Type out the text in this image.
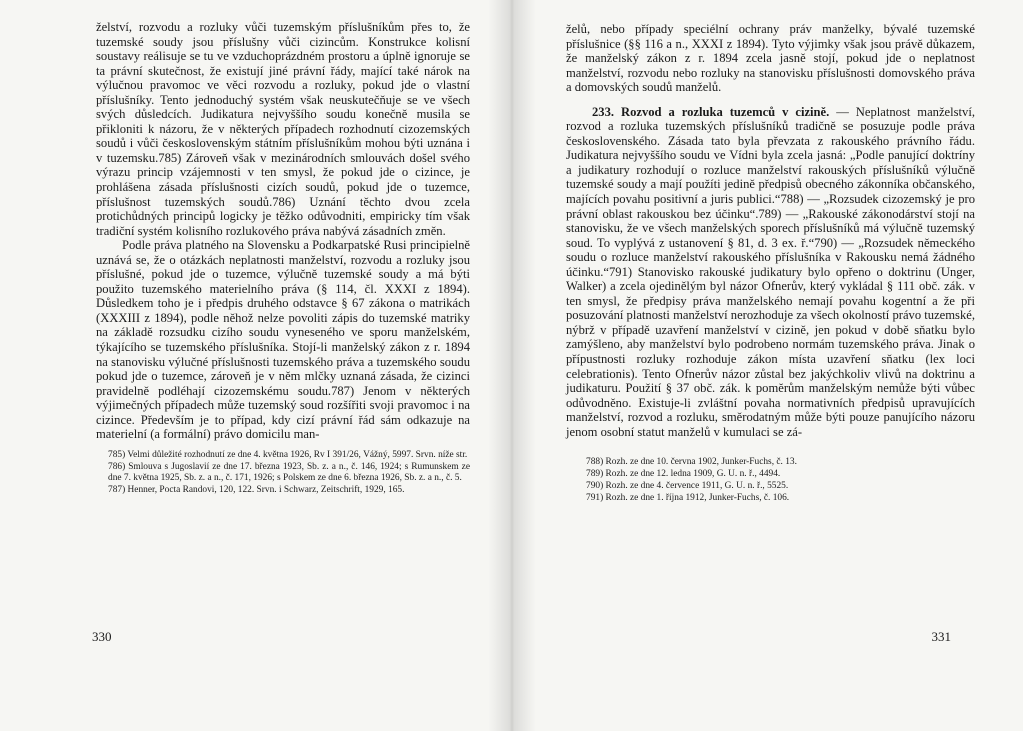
želství, rozvodu a rozluky vůči tuzemským příslušníkům přes to, že tuzemské soudy jsou příslušny vůči cizincům. Konstrukce kolisní soustavy reálisuje se tu ve vzduchoprázdném prostoru a úplně ignoruje se ta právní skutečnost, že existují jiné právní řády, mající také nárok na výlučnou pravomoc ve věci rozvodu a rozluky, pokud jde o vlastní příslušníky. Tento jednoduchý systém však neuskutečňuje se ve všech svých důsledcích. Judikatura nejvyššího soudu konečně musila se přikloniti k názoru, že v některých případech rozhodnutí cizozemských soudů i vůči československým státním příslušníkům mohou býti uznána i v tuzemsku.785) Zároveň však v mezinárodních smlouvách došel svého výrazu princip vzájemnosti v ten smysl, že pokud jde o cizince, je prohlášena zásada příslušnosti cizích soudů, pokud jde o tuzemce, příslušnost tuzemských soudů.786) Uznání těchto dvou zcela protichůdných principů logicky je těžko odůvodniti, empiricky tím však tradiční systém kolisního rozlukového práva nabývá zásadních změn.

Podle práva platného na Slovensku a Podkarpatské Rusi principielně uznává se, že o otázkách neplatnosti manželství, rozvodu a rozluky jsou příslušné, pokud jde o tuzemce, výlučně tuzemské soudy a má býti použito tuzemského materielního práva (§ 114, čl. XXXI z 1894). Důsledkem toho je i předpis druhého odstavce § 67 zákona o matrikách (XXXIII z 1894), podle něhož nelze povoliti zápis do tuzemské matriky na základě rozsudku cizího soudu vyneseného ve sporu manželském, týkajícího se tuzemského příslušníka. Stojí-li manželský zákon z r. 1894 na stanovisku výlučné příslušnosti tuzemského práva a tuzemského soudu pokud jde o tuzemce, zároveň je v něm mlčky uznaná zásada, že cizinci pravidelně podléhají cizozemskému soudu.787) Jenom v některých výjimečných případech může tuzemský soud rozšířiti svoji pravomoc i na cizince. Především je to případ, kdy cizí právní řád sám odkazuje na materielní (a formální) právo domicilu man-

785) Velmi důležité rozhodnutí ze dne 4. května 1926, Rv I 391/26, Vážný, 5997. Srvn. níže str.

786) Smlouva s Jugoslavií ze dne 17. března 1923, Sb. z. a n., č. 146, 1924; s Rumunskem ze dne 7. května 1925, Sb. z. a n., č. 171, 1926; s Polskem ze dne 6. března 1926, Sb. z. a n., č. 5.

787) Henner, Pocta Randovi, 120, 122. Srvn. i Schwarz, Zeitschrift, 1929, 165.

330

želů, nebo případy speciélní ochrany práv manželky, bývalé tuzemské příslušnice (§§ 116 a n., XXXI z 1894). Tyto výjimky však jsou právě důkazem, že manželský zákon z r. 1894 zcela jasně stojí, pokud jde o neplatnost manželství, rozvodu nebo rozluky na stanovisku příslušnosti domovského práva a domovských soudů manželů.

233. Rozvod a rozluka tuzemců v cizině. — Neplatnost manželství, rozvod a rozluka tuzemských příslušníků tradičně se posuzuje podle práva československého. Zásada tato byla převzata z rakouského právního řádu. Judikatura nejvyššího soudu ve Vídni byla zcela jasná: „Podle panující doktríny a judikatury rozhodují o rozluce manželství rakouských příslušníků výlučně tuzemské soudy a mají použíti jedině předpisů obecného zákonníka občanského, majících povahu positivní a juris publici.“788) — „Rozsudek cizozemský je pro právní oblast rakouskou bez účinku“.789) — „Rakouské zákonodárství stojí na stanovisku, že ve všech manželských sporech příslušníků má výlučně tuzemský soud. To vyplývá z ustanovení § 81, d. 3 ex. ř.“790) — „Rozsudek německého soudu o rozluce manželství rakouského příslušníka v Rakousku nemá žádného účinku.“791) Stanovisko rakouské judikatury bylo opřeno o doktrinu (Unger, Walker) a zcela ojedinělým byl názor Ofnerův, který vykládal § 111 obč. zák. v ten smysl, že předpisy práva manželského nemají povahu kogentní a že při posuzování platnosti manželství nerozhoduje za všech okolností právo tuzemské, nýbrž v případě uzavření manželství v cizině, jen pokud v době sňatku bylo zamýšleno, aby manželství bylo podrobeno normám tuzemského práva. Jinak o přípustnosti rozluky rozhoduje zákon místa uzavření sňatku (lex loci celebrationis). Tento Ofnerův názor zůstal bez jakýchkoliv vlivů na doktrinu a judikaturu. Použití § 37 obč. zák. k pomĕrům manželským nemůže býti vůbec odůvodněno. Existuje-li zvláštní povaha normativních předpisů upravujících manželství, rozvod a rozluku, směrodatným může býti pouze panujícího názoru jenom osobní statut manželů v kumulaci se zá-

788) Rozh. ze dne 10. června 1902, Junker-Fuchs, č. 13.

789) Rozh. ze dne 12. ledna 1909, G. U. n. ř., 4494.

790) Rozh. ze dne 4. července 1911, G. U. n. ř., 5525.

791) Rozh. ze dne 1. října 1912, Junker-Fuchs, č. 106.

331
